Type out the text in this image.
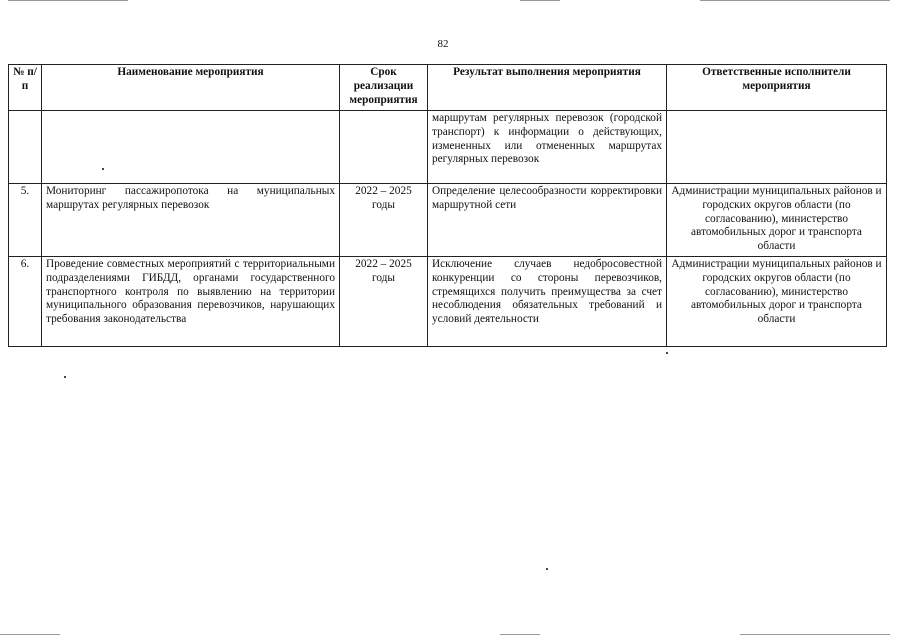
82
№ п/п	Наименование мероприятия	Срок реализации мероприятия	Результат выполнения мероприятия	Ответственные исполнители мероприятия
			маршрутам регулярных перевозок (городской транспорт) к информации о действующих, измененных или отмененных маршрутах регулярных перевозок	
5.	Мониторинг пассажиропотока на муниципальных маршрутах регулярных перевозок	2022 – 2025 годы	Определение целесообразности корректировки маршрутной сети	Администрации муниципальных районов и городских округов области (по согласованию), министерство автомобильных дорог и транспорта области
6.	Проведение совместных мероприятий с территориальными подразделениями ГИБДД, органами государственного транспортного контроля по выявлению на территории муниципального образования перевозчиков, нарушающих требования законодательства	2022 – 2025 годы	Исключение случаев недобросовестной конкуренции со стороны перевозчиков, стремящихся получить преимущества за счет несоблюдения обязательных требований и условий деятельности	Администрации муниципальных районов и городских округов области (по согласованию), министерство автомобильных дорог и транспорта области
